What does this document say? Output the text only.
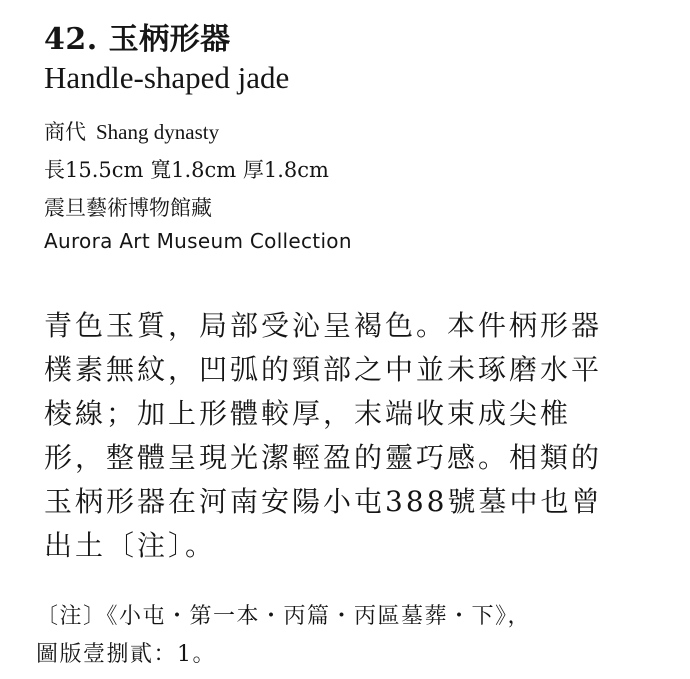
42. 玉柄形器
Handle-shaped jade
商代 Shang dynasty
長15.5cm 寬1.8cm 厚1.8cm
震旦藝術博物館藏
Aurora Art Museum Collection
青色玉質，局部受沁呈褐色。本件柄形器
樸素無紋，凹弧的頸部之中並未琢磨水平
棱線；加上形體較厚，末端收束成尖椎
形，整體呈現光潔輕盈的靈巧感。相類的
玉柄形器在河南安陽小屯388號墓中也曾
出土〔注〕。
〔注〕《小屯・第一本・丙篇・丙區墓葬・下》，
圖版壹捌貳：1。
